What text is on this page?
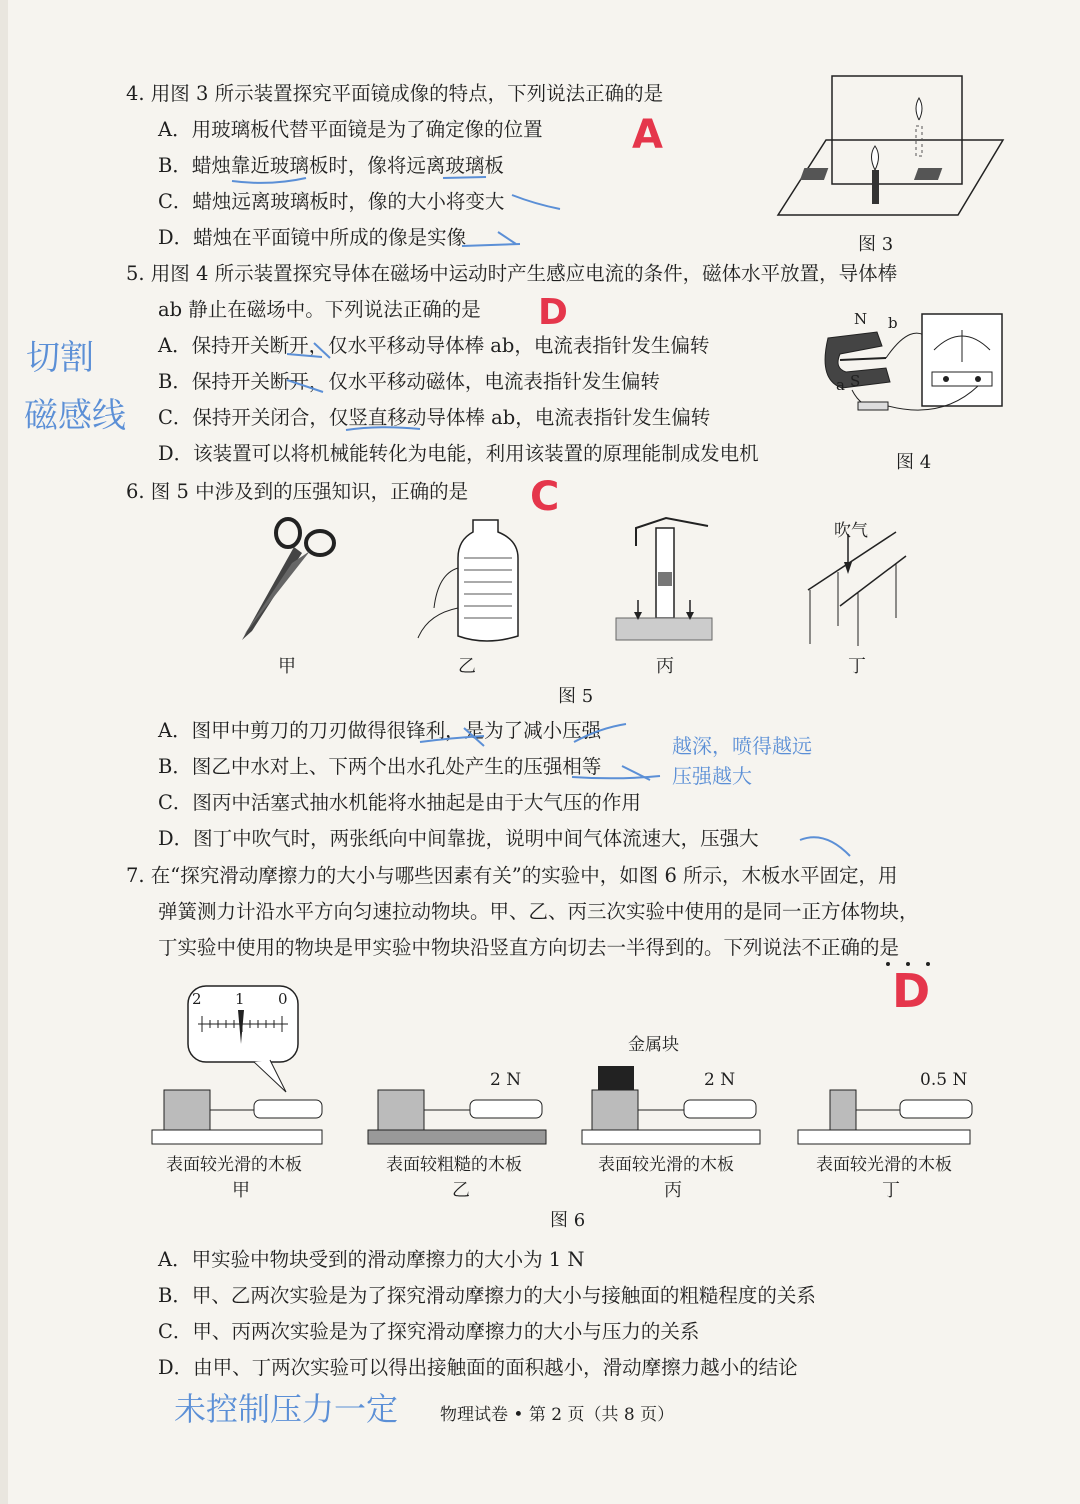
4. 用图 3 所示装置探究平面镜成像的特点，下列说法正确的是
A．用玻璃板代替平面镜是为了确定像的位置
B．蜡烛靠近玻璃板时，像将远离玻璃板
C．蜡烛远离玻璃板时，像的大小将变大
D．蜡烛在平面镜中所成的像是实像
A
图 3
5. 用图 4 所示装置探究导体在磁场中运动时产生感应电流的条件，磁体水平放置，导体棒
ab 静止在磁场中。下列说法正确的是 D
A．保持开关断开，仅水平移动导体棒 ab，电流表指针发生偏转
B．保持开关断开，仅水平移动磁体，电流表指针发生偏转
C．保持开关闭合，仅竖直移动导体棒 ab，电流表指针发生偏转
D．该装置可以将机械能转化为电能，利用该装置的原理能制成发电机
切割
磁感线
N
S
a
b
图 4
6. 图 5 中涉及到的压强知识，正确的是 C
吹气
甲	乙	丙	丁
图 5
A．图甲中剪刀的刀刃做得很锋利，是为了减小压强
B．图乙中水对上、下两个出水孔处产生的压强相等
C．图丙中活塞式抽水机能将水抽起是由于大气压的作用
D．图丁中吹气时，两张纸向中间靠拢，说明中间气体流速大，压强大
越深，喷得越远
压强越大
7. 在“探究滑动摩擦力的大小与哪些因素有关”的实验中，如图 6 所示，木板水平固定，用
弹簧测力计沿水平方向匀速拉动物块。甲、乙、丙三次实验中使用的是同一正方体物块，
丁实验中使用的物块是甲实验中物块沿竖直方向切去一半得到的。下列说法不正确的是
D
2 1 0
金属块
2 N	2 N	0.5 N
表面较光滑的木板	表面较粗糙的木板	表面较光滑的木板	表面较光滑的木板
甲	乙	丙	丁
图 6
A．甲实验中物块受到的滑动摩擦力的大小为 1 N
B．甲、乙两次实验是为了探究滑动摩擦力的大小与接触面的粗糙程度的关系
C．甲、丙两次实验是为了探究滑动摩擦力的大小与压力的关系
D．由甲、丁两次实验可以得出接触面的面积越小，滑动摩擦力越小的结论
未控制压力一定 物理试卷 • 第 2 页（共 8 页）
